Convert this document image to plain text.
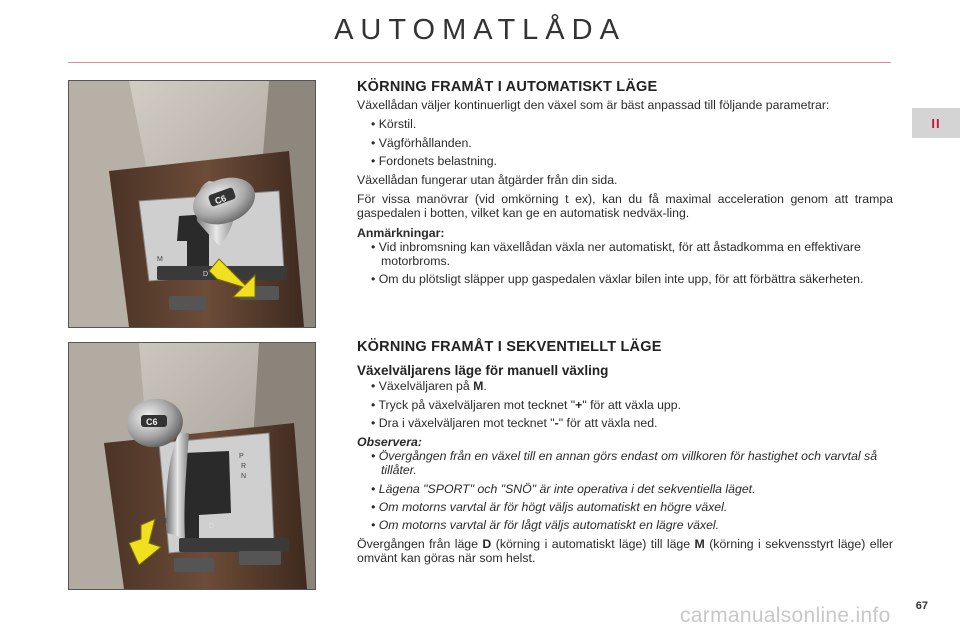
AUTOMATLÅDA
II
C6
M
D
C6
M
P
R
N
D
KÖRNING FRAMÅT I AUTOMATISKT LÄGE

Växellådan väljer kontinuerligt den växel som är bäst anpassad till följande parametrar:

• Körstil.
• Vägförhållanden.
• Fordonets belastning.

Växellådan fungerar utan åtgärder från din sida.

För vissa manövrar (vid omkörning t ex), kan du få maximal acceleration genom att trampa gaspedalen i botten, vilket kan ge en automatisk nedväx-ling.

Anmärkningar:
• Vid inbromsning kan växellådan växla ner automatiskt, för att åstadkomma en effektivare motorbroms.
• Om du plötsligt släpper upp gaspedalen växlar bilen inte upp, för att förbättra säkerheten.
KÖRNING FRAMÅT I SEKVENTIELLT LÄGE
Växelväljarens läge för manuell växling
• Växelväljaren på M.
• Tryck på växelväljaren mot tecknet "+" för att växla upp.
• Dra i växelväljaren mot tecknet "-" för att växla ned.
Observera:
• Övergången från en växel till en annan görs endast om villkoren för hastighet och varvtal så tillåter.
• Lägena "SPORT" och "SNÖ" är inte operativa i det sekventiella läget.
• Om motorns varvtal är för högt väljs automatiskt en högre växel.
• Om motorns varvtal är för lågt väljs automatiskt en lägre växel.

Övergången från läge D (körning i automatiskt läge) till läge M (körning i sekvensstyrt läge) eller omvänt kan göras när som helst.

67
carmanualsonline.info
